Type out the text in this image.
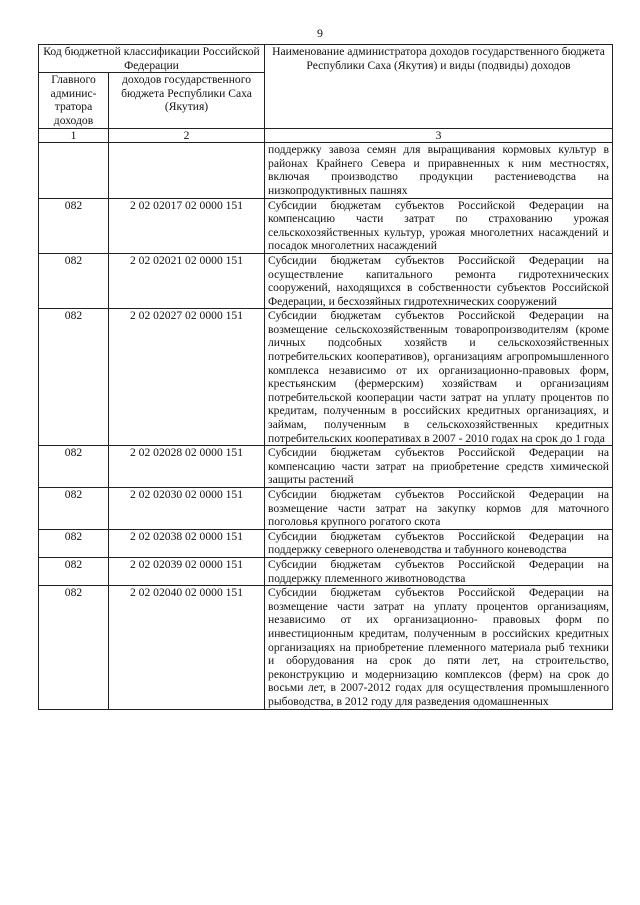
9
Код бюджетной классификации Российской Федерации		Наименование администратора доходов государственного бюджета Республики Саха (Якутия) и виды (подвиды) доходов
Главного админис-тратора доходов	доходов государственного бюджета Республики Саха (Якутия)	
1	2	3
		поддержку завоза семян для выращивания кормовых культур в районах Крайнего Севера и приравненных к ним местностях, включая производство продукции растениеводства на низкопродуктивных пашнях
082	2 02 02017 02 0000 151	Субсидии бюджетам субъектов Российской Федерации на компенсацию части затрат по страхованию урожая сельскохозяйственных культур, урожая многолетних насаждений и посадок многолетних насаждений
082	2 02 02021 02 0000 151	Субсидии бюджетам субъектов Российской Федерации на осуществление капитального ремонта гидротехнических сооружений, находящихся в собственности субъектов Российской Федерации, и бесхозяйных гидротехнических сооружений
082	2 02 02027 02 0000 151	Субсидии бюджетам субъектов Российской Федерации на возмещение сельскохозяйственным товаропроизводителям (кроме личных подсобных хозяйств и сельскохозяйственных потребительских кооперативов), организациям агропромышленного комплекса независимо от их организационно-правовых форм, крестьянским (фермерским) хозяйствам и организациям потребительской кооперации части затрат на уплату процентов по кредитам, полученным в российских кредитных организациях, и займам, полученным в сельскохозяйственных кредитных потребительских кооперативах в 2007 - 2010 годах на срок до 1 года
082	2 02 02028 02 0000 151	Субсидии бюджетам субъектов Российской Федерации на компенсацию части затрат на приобретение средств химической защиты растений
082	2 02 02030 02 0000 151	Субсидии бюджетам субъектов Российской Федерации на возмещение части затрат на закупку кормов для маточного поголовья крупного рогатого скота
082	2 02 02038 02 0000 151	Субсидии бюджетам субъектов Российской Федерации на поддержку северного оленеводства и табунного коневодства
082	2 02 02039 02 0000 151	Субсидии бюджетам субъектов Российской Федерации на поддержку племенного животноводства
082	2 02 02040 02 0000 151	Субсидии бюджетам субъектов Российской Федерации на возмещение части затрат на уплату процентов организациям, независимо от их организационно- правовых форм по инвестиционным кредитам, полученным в российских кредитных организациях на приобретение племенного материала рыб техники и оборудования на срок до пяти лет, на строительство, реконструкцию и модернизацию комплексов (ферм) на срок до восьми лет, в 2007-2012 годах для осуществления промышленного рыбоводства, в 2012 году для разведения одомашненных
